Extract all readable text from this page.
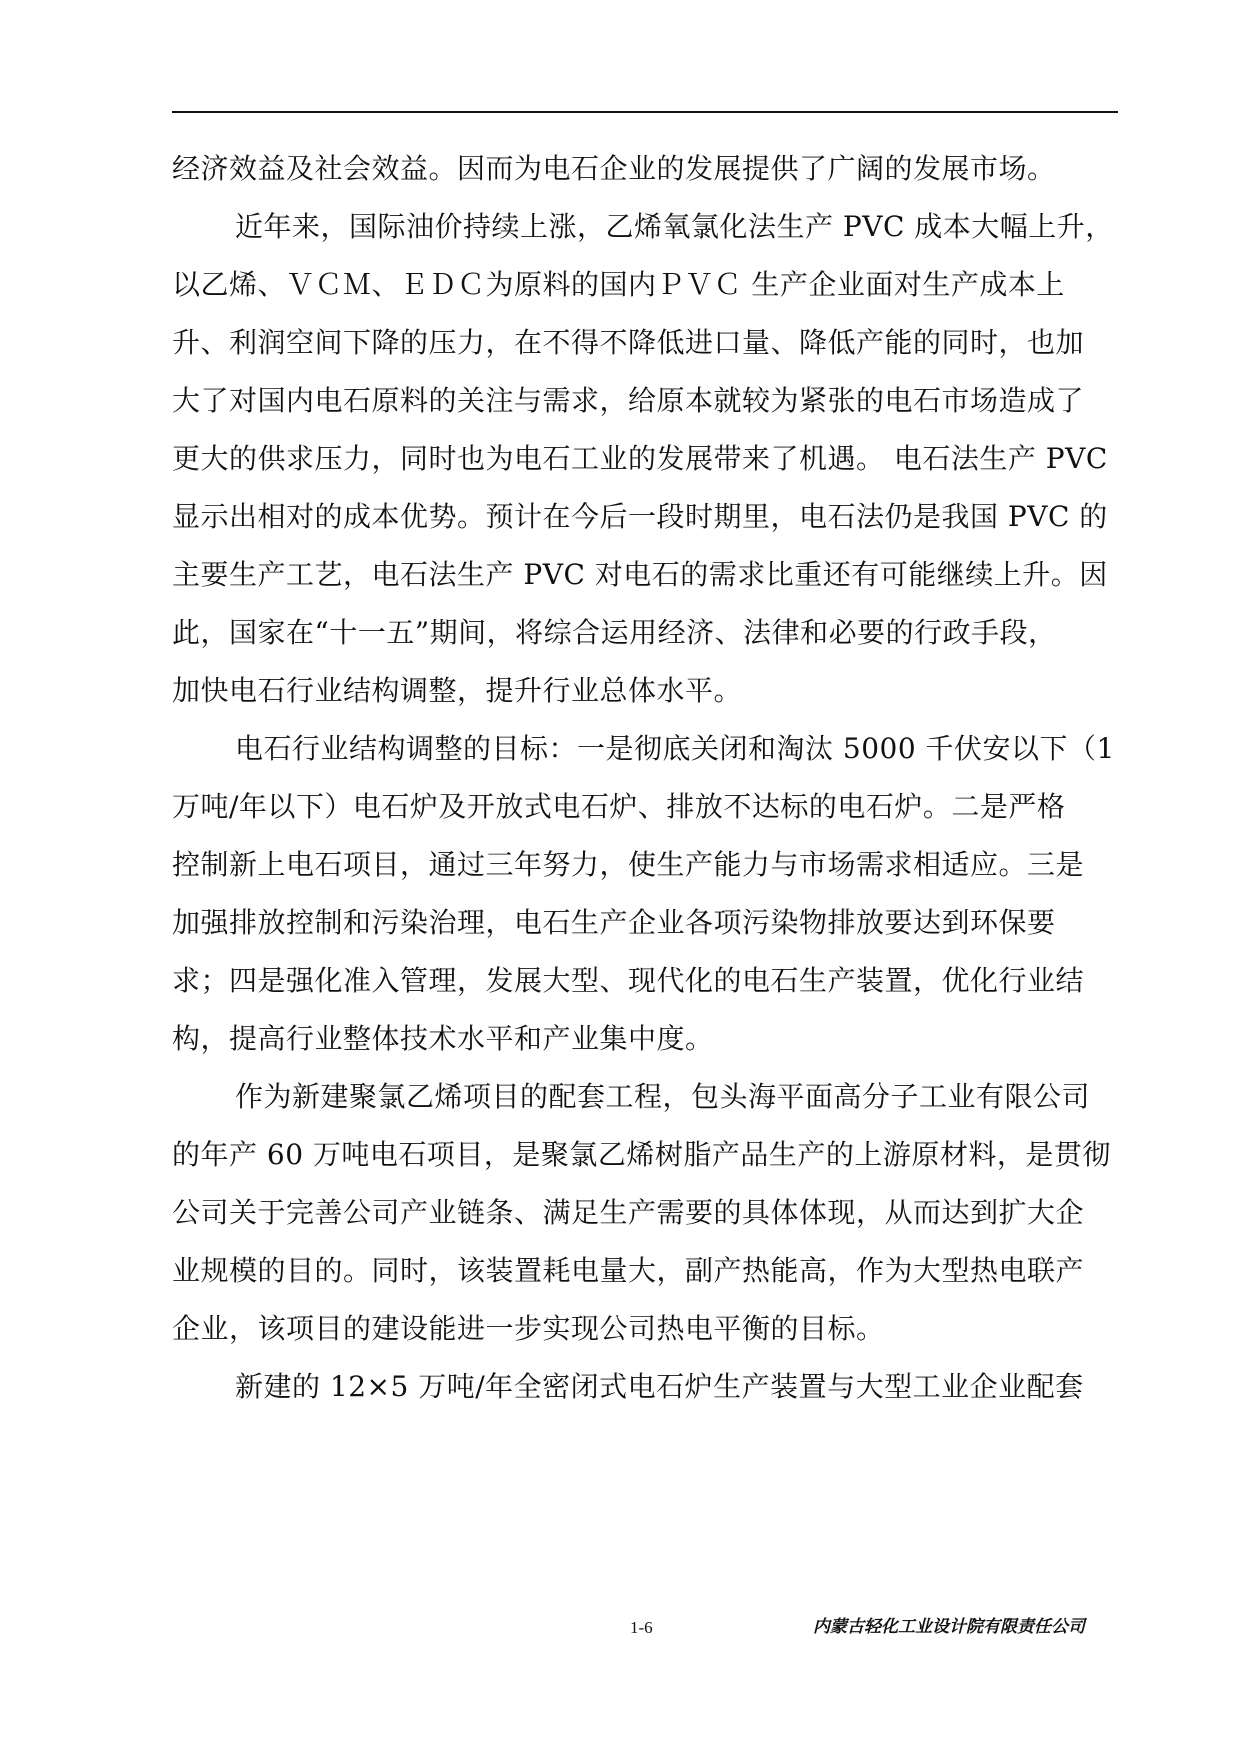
经济效益及社会效益。因而为电石企业的发展提供了广阔的发展市场。

近年来，国际油价持续上涨，乙烯氧氯化法生产 PVC 成本大幅上升，

以乙烯、ＶＣＭ、ＥＤＣ为原料的国内ＰＶＣ 生产企业面对生产成本上

升、利润空间下降的压力，在不得不降低进口量、降低产能的同时，也加

大了对国内电石原料的关注与需求，给原本就较为紧张的电石市场造成了

更大的供求压力，同时也为电石工业的发展带来了机遇。 电石法生产 PVC

显示出相对的成本优势。预计在今后一段时期里，电石法仍是我国 PVC 的

主要生产工艺，电石法生产 PVC 对电石的需求比重还有可能继续上升。因

此，国家在“十一五”期间，将综合运用经济、法律和必要的行政手段，

加快电石行业结构调整，提升行业总体水平。

电石行业结构调整的目标：一是彻底关闭和淘汰 5000 千伏安以下（1

万吨/年以下）电石炉及开放式电石炉、排放不达标的电石炉。二是严格

控制新上电石项目，通过三年努力，使生产能力与市场需求相适应。三是

加强排放控制和污染治理，电石生产企业各项污染物排放要达到环保要

求；四是强化准入管理，发展大型、现代化的电石生产装置，优化行业结

构，提高行业整体技术水平和产业集中度。

作为新建聚氯乙烯项目的配套工程，包头海平面高分子工业有限公司

的年产 60 万吨电石项目，是聚氯乙烯树脂产品生产的上游原材料，是贯彻

公司关于完善公司产业链条、满足生产需要的具体体现，从而达到扩大企

业规模的目的。同时，该装置耗电量大，副产热能高，作为大型热电联产

企业，该项目的建设能进一步实现公司热电平衡的目标。

新建的 12×5 万吨/年全密闭式电石炉生产装置与大型工业企业配套

1-6	内蒙古轻化工业设计院有限责任公司
